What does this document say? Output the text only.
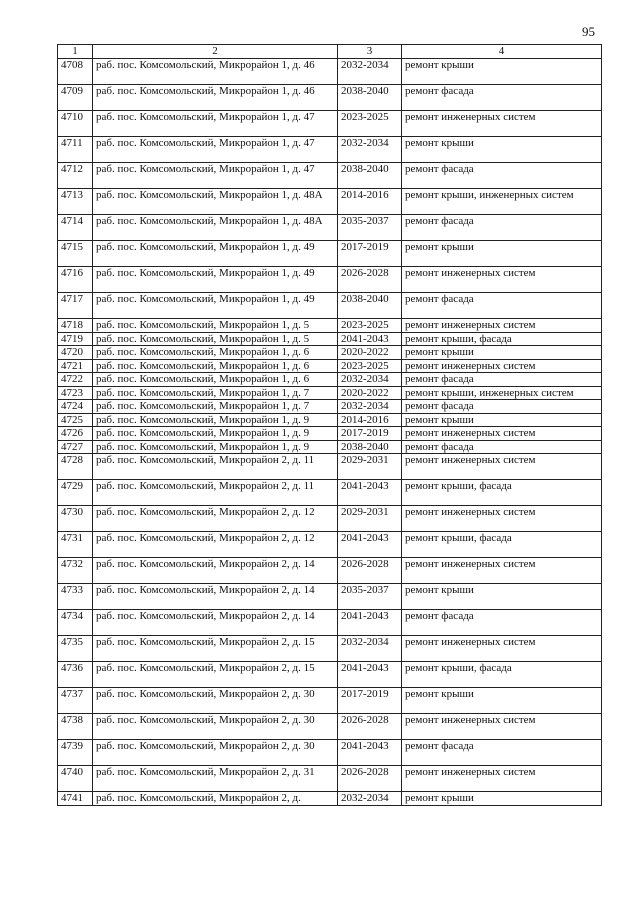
95
1	2	3	4
4708	раб. пос. Комсомольский, Микрорайон 1, д. 46	2032-2034	ремонт крыши
4709	раб. пос. Комсомольский, Микрорайон 1, д. 46	2038-2040	ремонт фасада
4710	раб. пос. Комсомольский, Микрорайон 1, д. 47	2023-2025	ремонт инженерных систем
4711	раб. пос. Комсомольский, Микрорайон 1, д. 47	2032-2034	ремонт крыши
4712	раб. пос. Комсомольский, Микрорайон 1, д. 47	2038-2040	ремонт фасада
4713	раб. пос. Комсомольский, Микрорайон 1, д. 48А	2014-2016	ремонт крыши, инженерных систем
4714	раб. пос. Комсомольский, Микрорайон 1, д. 48А	2035-2037	ремонт фасада
4715	раб. пос. Комсомольский, Микрорайон 1, д. 49	2017-2019	ремонт крыши
4716	раб. пос. Комсомольский, Микрорайон 1, д. 49	2026-2028	ремонт инженерных систем
4717	раб. пос. Комсомольский, Микрорайон 1, д. 49	2038-2040	ремонт фасада
4718	раб. пос. Комсомольский, Микрорайон 1, д. 5	2023-2025	ремонт инженерных систем
4719	раб. пос. Комсомольский, Микрорайон 1, д. 5	2041-2043	ремонт крыши, фасада
4720	раб. пос. Комсомольский, Микрорайон 1, д. 6	2020-2022	ремонт крыши
4721	раб. пос. Комсомольский, Микрорайон 1, д. 6	2023-2025	ремонт инженерных систем
4722	раб. пос. Комсомольский, Микрорайон 1, д. 6	2032-2034	ремонт фасада
4723	раб. пос. Комсомольский, Микрорайон 1, д. 7	2020-2022	ремонт крыши, инженерных систем
4724	раб. пос. Комсомольский, Микрорайон 1, д. 7	2032-2034	ремонт фасада
4725	раб. пос. Комсомольский, Микрорайон 1, д. 9	2014-2016	ремонт крыши
4726	раб. пос. Комсомольский, Микрорайон 1, д. 9	2017-2019	ремонт инженерных систем
4727	раб. пос. Комсомольский, Микрорайон 1, д. 9	2038-2040	ремонт фасада
4728	раб. пос. Комсомольский, Микрорайон 2, д. 11	2029-2031	ремонт инженерных систем
4729	раб. пос. Комсомольский, Микрорайон 2, д. 11	2041-2043	ремонт крыши, фасада
4730	раб. пос. Комсомольский, Микрорайон 2, д. 12	2029-2031	ремонт инженерных систем
4731	раб. пос. Комсомольский, Микрорайон 2, д. 12	2041-2043	ремонт крыши, фасада
4732	раб. пос. Комсомольский, Микрорайон 2, д. 14	2026-2028	ремонт инженерных систем
4733	раб. пос. Комсомольский, Микрорайон 2, д. 14	2035-2037	ремонт крыши
4734	раб. пос. Комсомольский, Микрорайон 2, д. 14	2041-2043	ремонт фасада
4735	раб. пос. Комсомольский, Микрорайон 2, д. 15	2032-2034	ремонт инженерных систем
4736	раб. пос. Комсомольский, Микрорайон 2, д. 15	2041-2043	ремонт крыши, фасада
4737	раб. пос. Комсомольский, Микрорайон 2, д. 30	2017-2019	ремонт крыши
4738	раб. пос. Комсомольский, Микрорайон 2, д. 30	2026-2028	ремонт инженерных систем
4739	раб. пос. Комсомольский, Микрорайон 2, д. 30	2041-2043	ремонт фасада
4740	раб. пос. Комсомольский, Микрорайон 2, д. 31	2026-2028	ремонт инженерных систем
4741	раб. пос. Комсомольский, Микрорайон 2, д.	2032-2034	ремонт крыши
